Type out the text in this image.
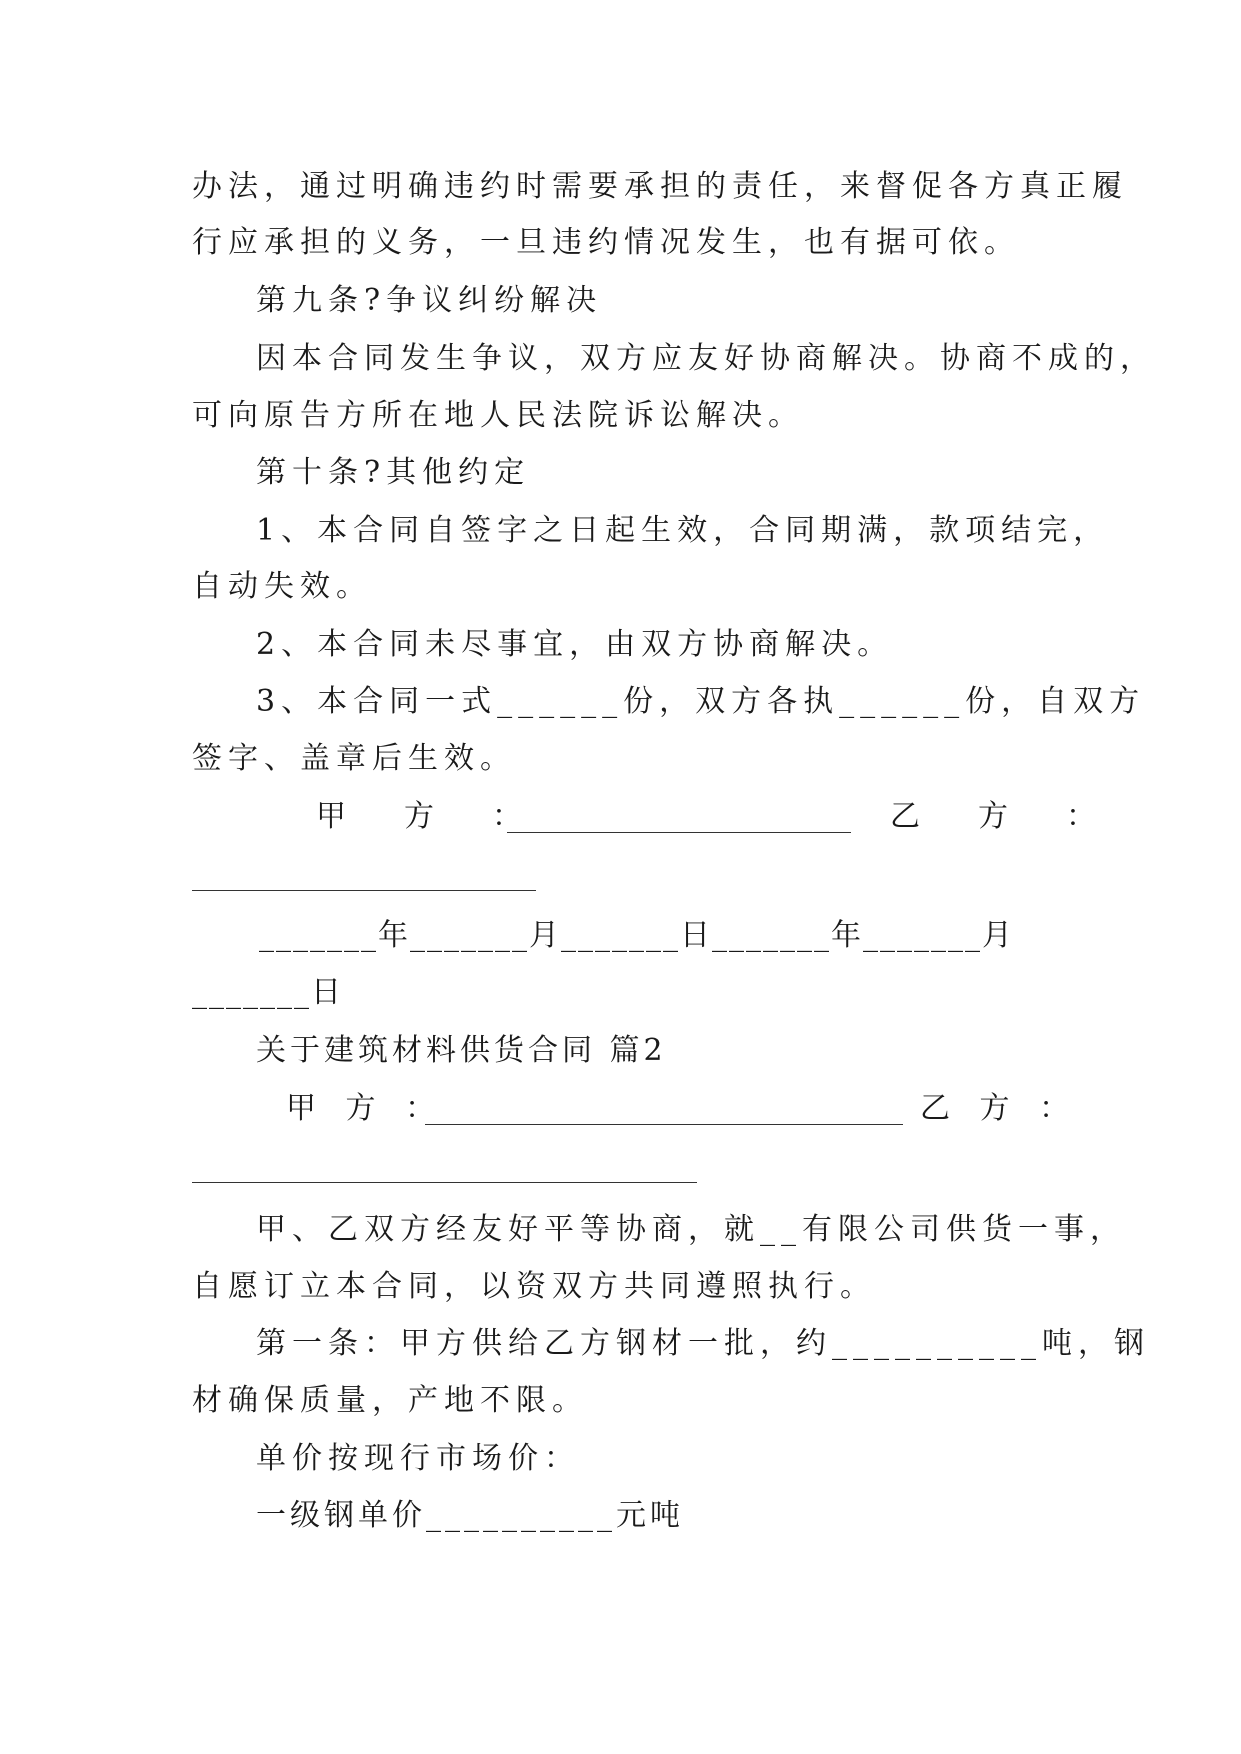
办法，通过明确违约时需要承担的责任，来督促各方真正履
行应承担的义务，一旦违约情况发生，也有据可依。
第九条?争议纠纷解决
因本合同发生争议，双方应友好协商解决。协商不成的，
可向原告方所在地人民法院诉讼解决。
第十条?其他约定
1、本合同自签字之日起生效，合同期满，款项结完，
自动失效。
2、本合同未尽事宜，由双方协商解决。
3、本合同一式______份，双方各执______份，自双方
签字、盖章后生效。
甲　方　：	乙　方　：
_______年_______月_______日_______年_______月
_______日
关于建筑材料供货合同 篇2
甲 方 ：	乙 方 ：
甲、乙双方经友好平等协商，就__有限公司供货一事，
自愿订立本合同，以资双方共同遵照执行。
第一条：甲方供给乙方钢材一批，约__________吨，钢
材确保质量，产地不限。
单价按现行市场价：
一级钢单价__________元吨
